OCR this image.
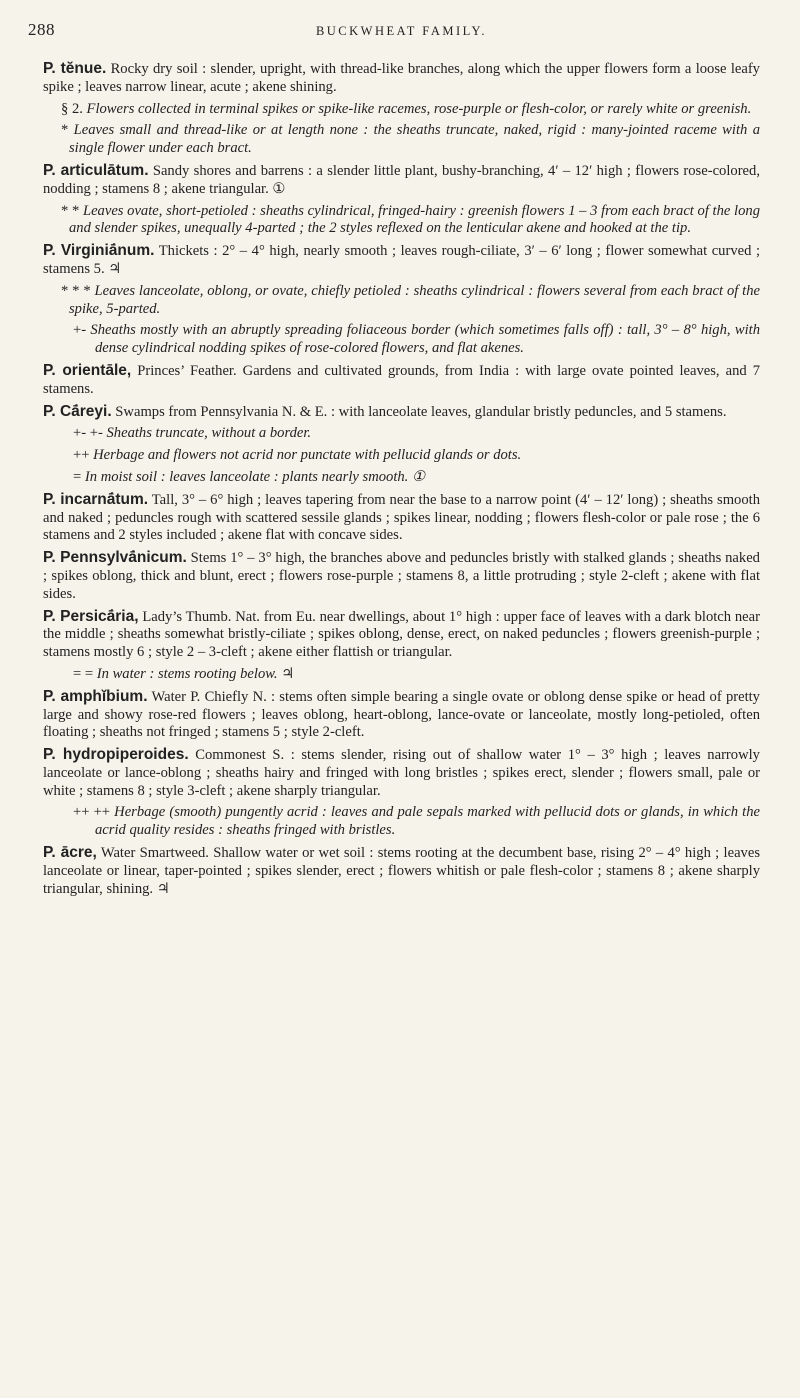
288	BUCKWHEAT FAMILY.

P. tĕnue. Rocky dry soil : slender, upright, with thread-like branches, along which the upper flowers form a loose leafy spike ; leaves narrow linear, acute ; akene shining.

§ 2. Flowers collected in terminal spikes or spike-like racemes, rose-purple or flesh-color, or rarely white or greenish.

* Leaves small and thread-like or at length none : the sheaths truncate, naked, rigid : many-jointed raceme with a single flower under each bract.

P. articulātum. Sandy shores and barrens : a slender little plant, bushy-branching, 4′ – 12′ high ; flowers rose-colored, nodding ; stamens 8 ; akene triangular. ①

* * Leaves ovate, short-petioled : sheaths cylindrical, fringed-hairy : greenish flowers 1 – 3 from each bract of the long and slender spikes, unequally 4-parted ; the 2 styles reflexed on the lenticular akene and hooked at the tip.

P. Virginiā́num. Thickets : 2° – 4° high, nearly smooth ; leaves rough-ciliate, 3′ – 6′ long ; flower somewhat curved ; stamens 5. ♃

* * * Leaves lanceolate, oblong, or ovate, chiefly petioled : sheaths cylindrical : flowers several from each bract of the spike, 5-parted.

+- Sheaths mostly with an abruptly spreading foliaceous border (which sometimes falls off) : tall, 3° – 8° high, with dense cylindrical nodding spikes of rose-colored flowers, and flat akenes.

P. orientāle, Princes’ Feather. Gardens and cultivated grounds, from India : with large ovate pointed leaves, and 7 stamens.

P. Cā́reyi. Swamps from Pennsylvania N. & E. : with lanceolate leaves, glandular bristly peduncles, and 5 stamens.

+- +- Sheaths truncate, without a border.

++ Herbage and flowers not acrid nor punctate with pellucid glands or dots.

= In moist soil : leaves lanceolate : plants nearly smooth. ①

P. incarnā́tum. Tall, 3° – 6° high ; leaves tapering from near the base to a narrow point (4′ – 12′ long) ; sheaths smooth and naked ; peduncles rough with scattered sessile glands ; spikes linear, nodding ; flowers flesh-color or pale rose ; the 6 stamens and 2 styles included ; akene flat with concave sides.

P. Pennsylvā́nicum. Stems 1° – 3° high, the branches above and peduncles bristly with stalked glands ; sheaths naked ; spikes oblong, thick and blunt, erect ; flowers rose-purple ; stamens 8, a little protruding ; style 2-cleft ; akene with flat sides.

P. Persicā́ria, Lady’s Thumb. Nat. from Eu. near dwellings, about 1° high : upper face of leaves with a dark blotch near the middle ; sheaths somewhat bristly-ciliate ; spikes oblong, dense, erect, on naked peduncles ; flowers greenish-purple ; stamens mostly 6 ; style 2 – 3-cleft ; akene either flattish or triangular.

= = In water : stems rooting below. ♃

P. amphĭbium. Water P. Chiefly N. : stems often simple bearing a single ovate or oblong dense spike or head of pretty large and showy rose-red flowers ; leaves oblong, heart-oblong, lance-ovate or lanceolate, mostly long-petioled, often floating ; sheaths not fringed ; stamens 5 ; style 2-cleft.

P. hydropiperoides. Commonest S. : stems slender, rising out of shallow water 1° – 3° high ; leaves narrowly lanceolate or lance-oblong ; sheaths hairy and fringed with long bristles ; spikes erect, slender ; flowers small, pale or white ; stamens 8 ; style 3-cleft ; akene sharply triangular.

++ ++ Herbage (smooth) pungently acrid : leaves and pale sepals marked with pellucid dots or glands, in which the acrid quality resides : sheaths fringed with bristles.

P. ācre, Water Smartweed. Shallow water or wet soil : stems rooting at the decumbent base, rising 2° – 4° high ; leaves lanceolate or linear, taper-pointed ; spikes slender, erect ; flowers whitish or pale flesh-color ; stamens 8 ; akene sharply triangular, shining. ♃
